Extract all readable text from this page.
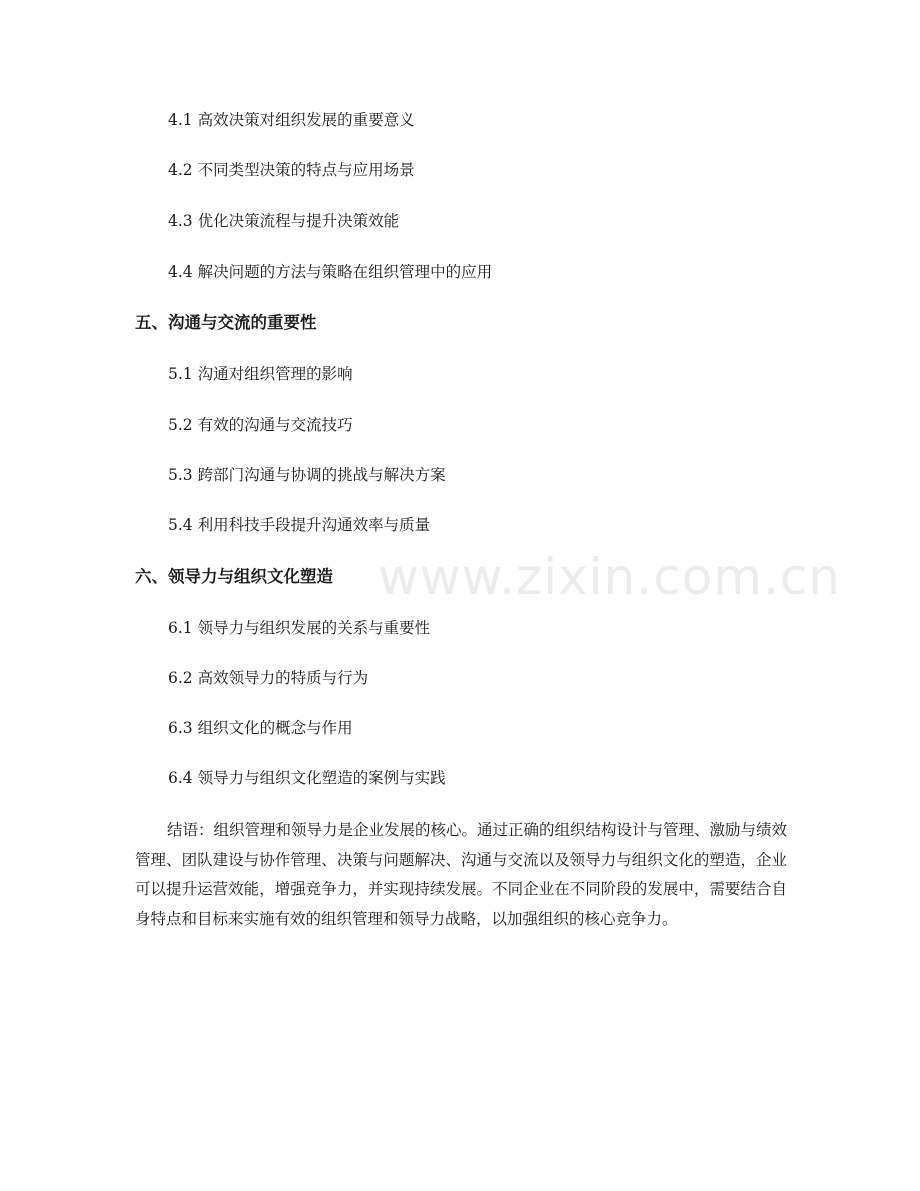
www.zixin.com.cn
4.1 高效决策对组织发展的重要意义
4.2 不同类型决策的特点与应用场景
4.3 优化决策流程与提升决策效能
4.4 解决问题的方法与策略在组织管理中的应用
五、沟通与交流的重要性
5.1 沟通对组织管理的影响
5.2 有效的沟通与交流技巧
5.3 跨部门沟通与协调的挑战与解决方案
5.4 利用科技手段提升沟通效率与质量
六、领导力与组织文化塑造
6.1 领导力与组织发展的关系与重要性
6.2 高效领导力的特质与行为
6.3 组织文化的概念与作用
6.4 领导力与组织文化塑造的案例与实践

结语：组织管理和领导力是企业发展的核心。通过正确的组织结构设计与管理、激励与绩效管理、团队建设与协作管理、决策与问题解决、沟通与交流以及领导力与组织文化的塑造，企业可以提升运营效能，增强竞争力，并实现持续发展。不同企业在不同阶段的发展中，需要结合自身特点和目标来实施有效的组织管理和领导力战略，以加强组织的核心竞争力。
